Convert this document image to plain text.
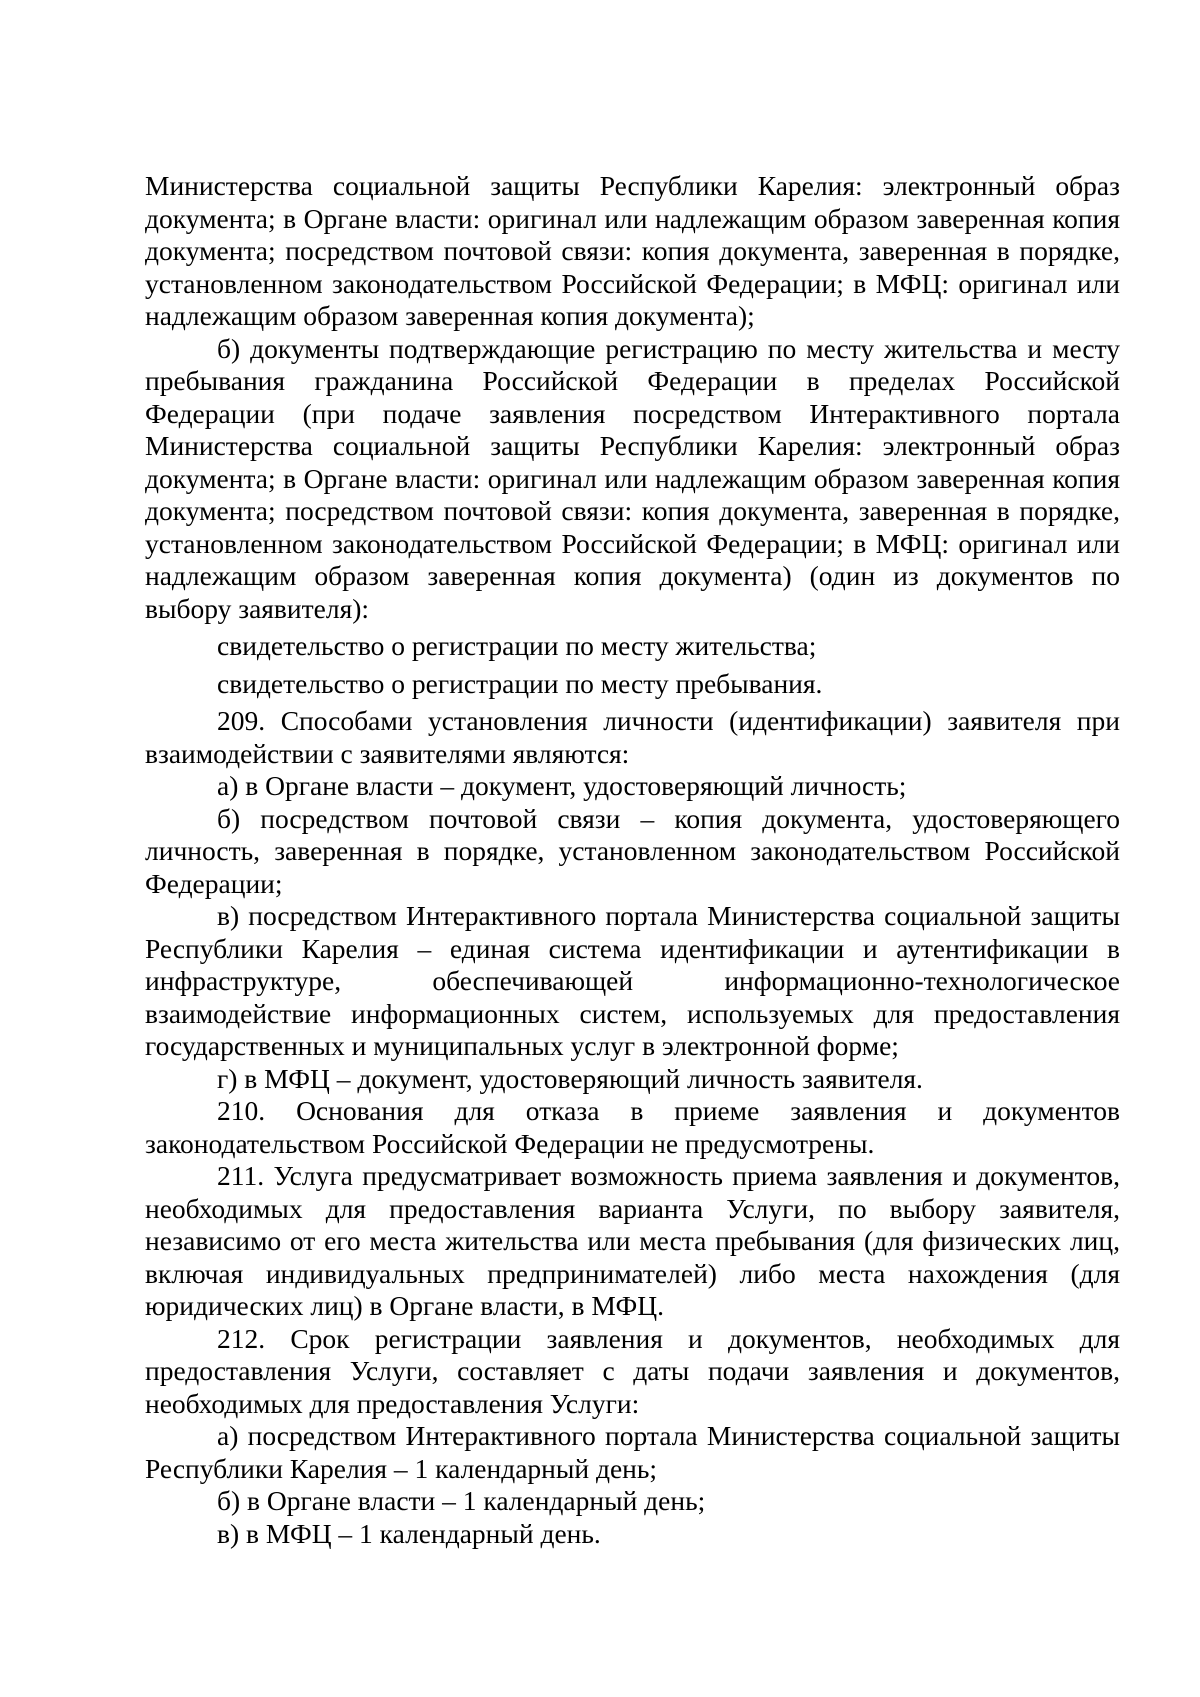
Министерства социальной защиты Республики Карелия: электронный образ документа; в Органе власти: оригинал или надлежащим образом заверенная копия документа; посредством почтовой связи: копия документа, заверенная в порядке, установленном законодательством Российской Федерации; в МФЦ: оригинал или надлежащим образом заверенная копия документа);

б) документы подтверждающие регистрацию по месту жительства и месту пребывания гражданина Российской Федерации в пределах Российской Федерации (при подаче заявления посредством Интерактивного портала Министерства социальной защиты Республики Карелия: электронный образ документа; в Органе власти: оригинал или надлежащим образом заверенная копия документа; посредством почтовой связи: копия документа, заверенная в порядке, установленном законодательством Российской Федерации; в МФЦ: оригинал или надлежащим образом заверенная копия документа) (один из документов по выбору заявителя):

свидетельство о регистрации по месту жительства;

свидетельство о регистрации по месту пребывания.

209. Способами установления личности (идентификации) заявителя при взаимодействии с заявителями являются:

а) в Органе власти – документ, удостоверяющий личность;

б) посредством почтовой связи – копия документа, удостоверяющего личность, заверенная в порядке, установленном законодательством Российской Федерации;

в) посредством Интерактивного портала Министерства социальной защиты Республики Карелия – единая система идентификации и аутентификации в инфраструктуре, обеспечивающей информационно-технологическое взаимодействие информационных систем, используемых для предоставления государственных и муниципальных услуг в электронной форме;

г) в МФЦ – документ, удостоверяющий личность заявителя.

210. Основания для отказа в приеме заявления и документов законодательством Российской Федерации не предусмотрены.

211. Услуга предусматривает возможность приема заявления и документов, необходимых для предоставления варианта Услуги, по выбору заявителя, независимо от его места жительства или места пребывания (для физических лиц, включая индивидуальных предпринимателей) либо места нахождения (для юридических лиц) в Органе власти, в МФЦ.

212. Срок регистрации заявления и документов, необходимых для предоставления Услуги, составляет с даты подачи заявления и документов, необходимых для предоставления Услуги:

а) посредством Интерактивного портала Министерства социальной защиты Республики Карелия – 1 календарный день;

б) в Органе власти – 1 календарный день;

в) в МФЦ – 1 календарный день.
